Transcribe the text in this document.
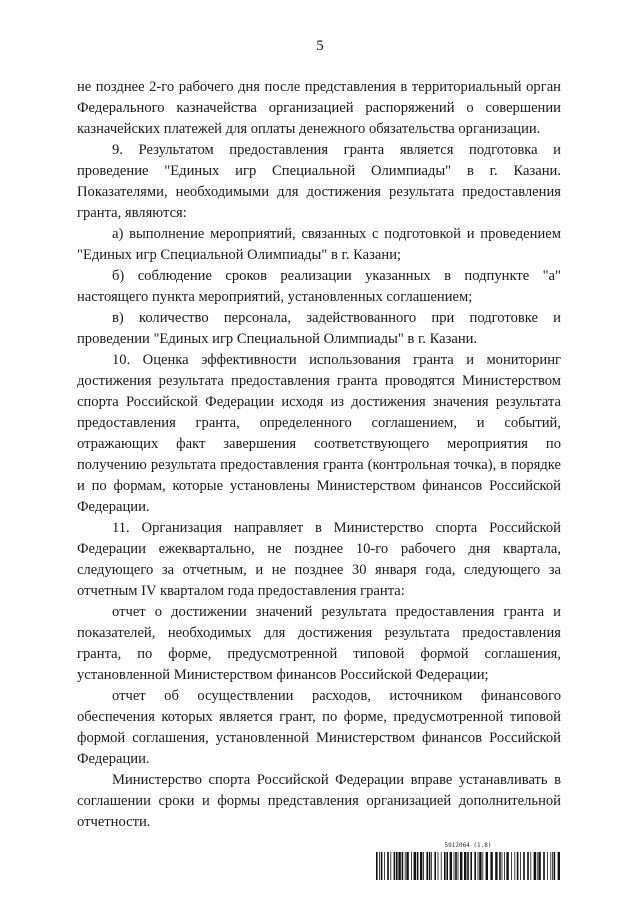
5

не позднее 2-го рабочего дня после представления в территориальный орган Федерального казначейства организацией распоряжений о совершении казначейских платежей для оплаты денежного обязательства организации.

9. Результатом предоставления гранта является подготовка и проведение "Единых игр Специальной Олимпиады" в г. Казани. Показателями, необходимыми для достижения результата предоставления гранта, являются:

а) выполнение мероприятий, связанных с подготовкой и проведением "Единых игр Специальной Олимпиады" в г. Казани;

б) соблюдение сроков реализации указанных в подпункте "а" настоящего пункта мероприятий, установленных соглашением;

в) количество персонала, задействованного при подготовке и проведении "Единых игр Специальной Олимпиады" в г. Казани.

10. Оценка эффективности использования гранта и мониторинг достижения результата предоставления гранта проводятся Министерством спорта Российской Федерации исходя из достижения значения результата предоставления гранта, определенного соглашением, и событий, отражающих факт завершения соответствующего мероприятия по получению результата предоставления гранта (контрольная точка), в порядке и по формам, которые установлены Министерством финансов Российской Федерации.

11. Организация направляет в Министерство спорта Российской Федерации ежеквартально, не позднее 10-го рабочего дня квартала, следующего за отчетным, и не позднее 30 января года, следующего за отчетным IV кварталом года предоставления гранта:

отчет о достижении значений результата предоставления гранта и показателей, необходимых для достижения результата предоставления гранта, по форме, предусмотренной типовой формой соглашения, установленной Министерством финансов Российской Федерации;

отчет об осуществлении расходов, источником финансового обеспечения которых является грант, по форме, предусмотренной типовой формой соглашения, установленной Министерством финансов Российской Федерации.

Министерство спорта Российской Федерации вправе устанавливать в соглашении сроки и формы представления организацией дополнительной отчетности.

5912064 (1.8)
